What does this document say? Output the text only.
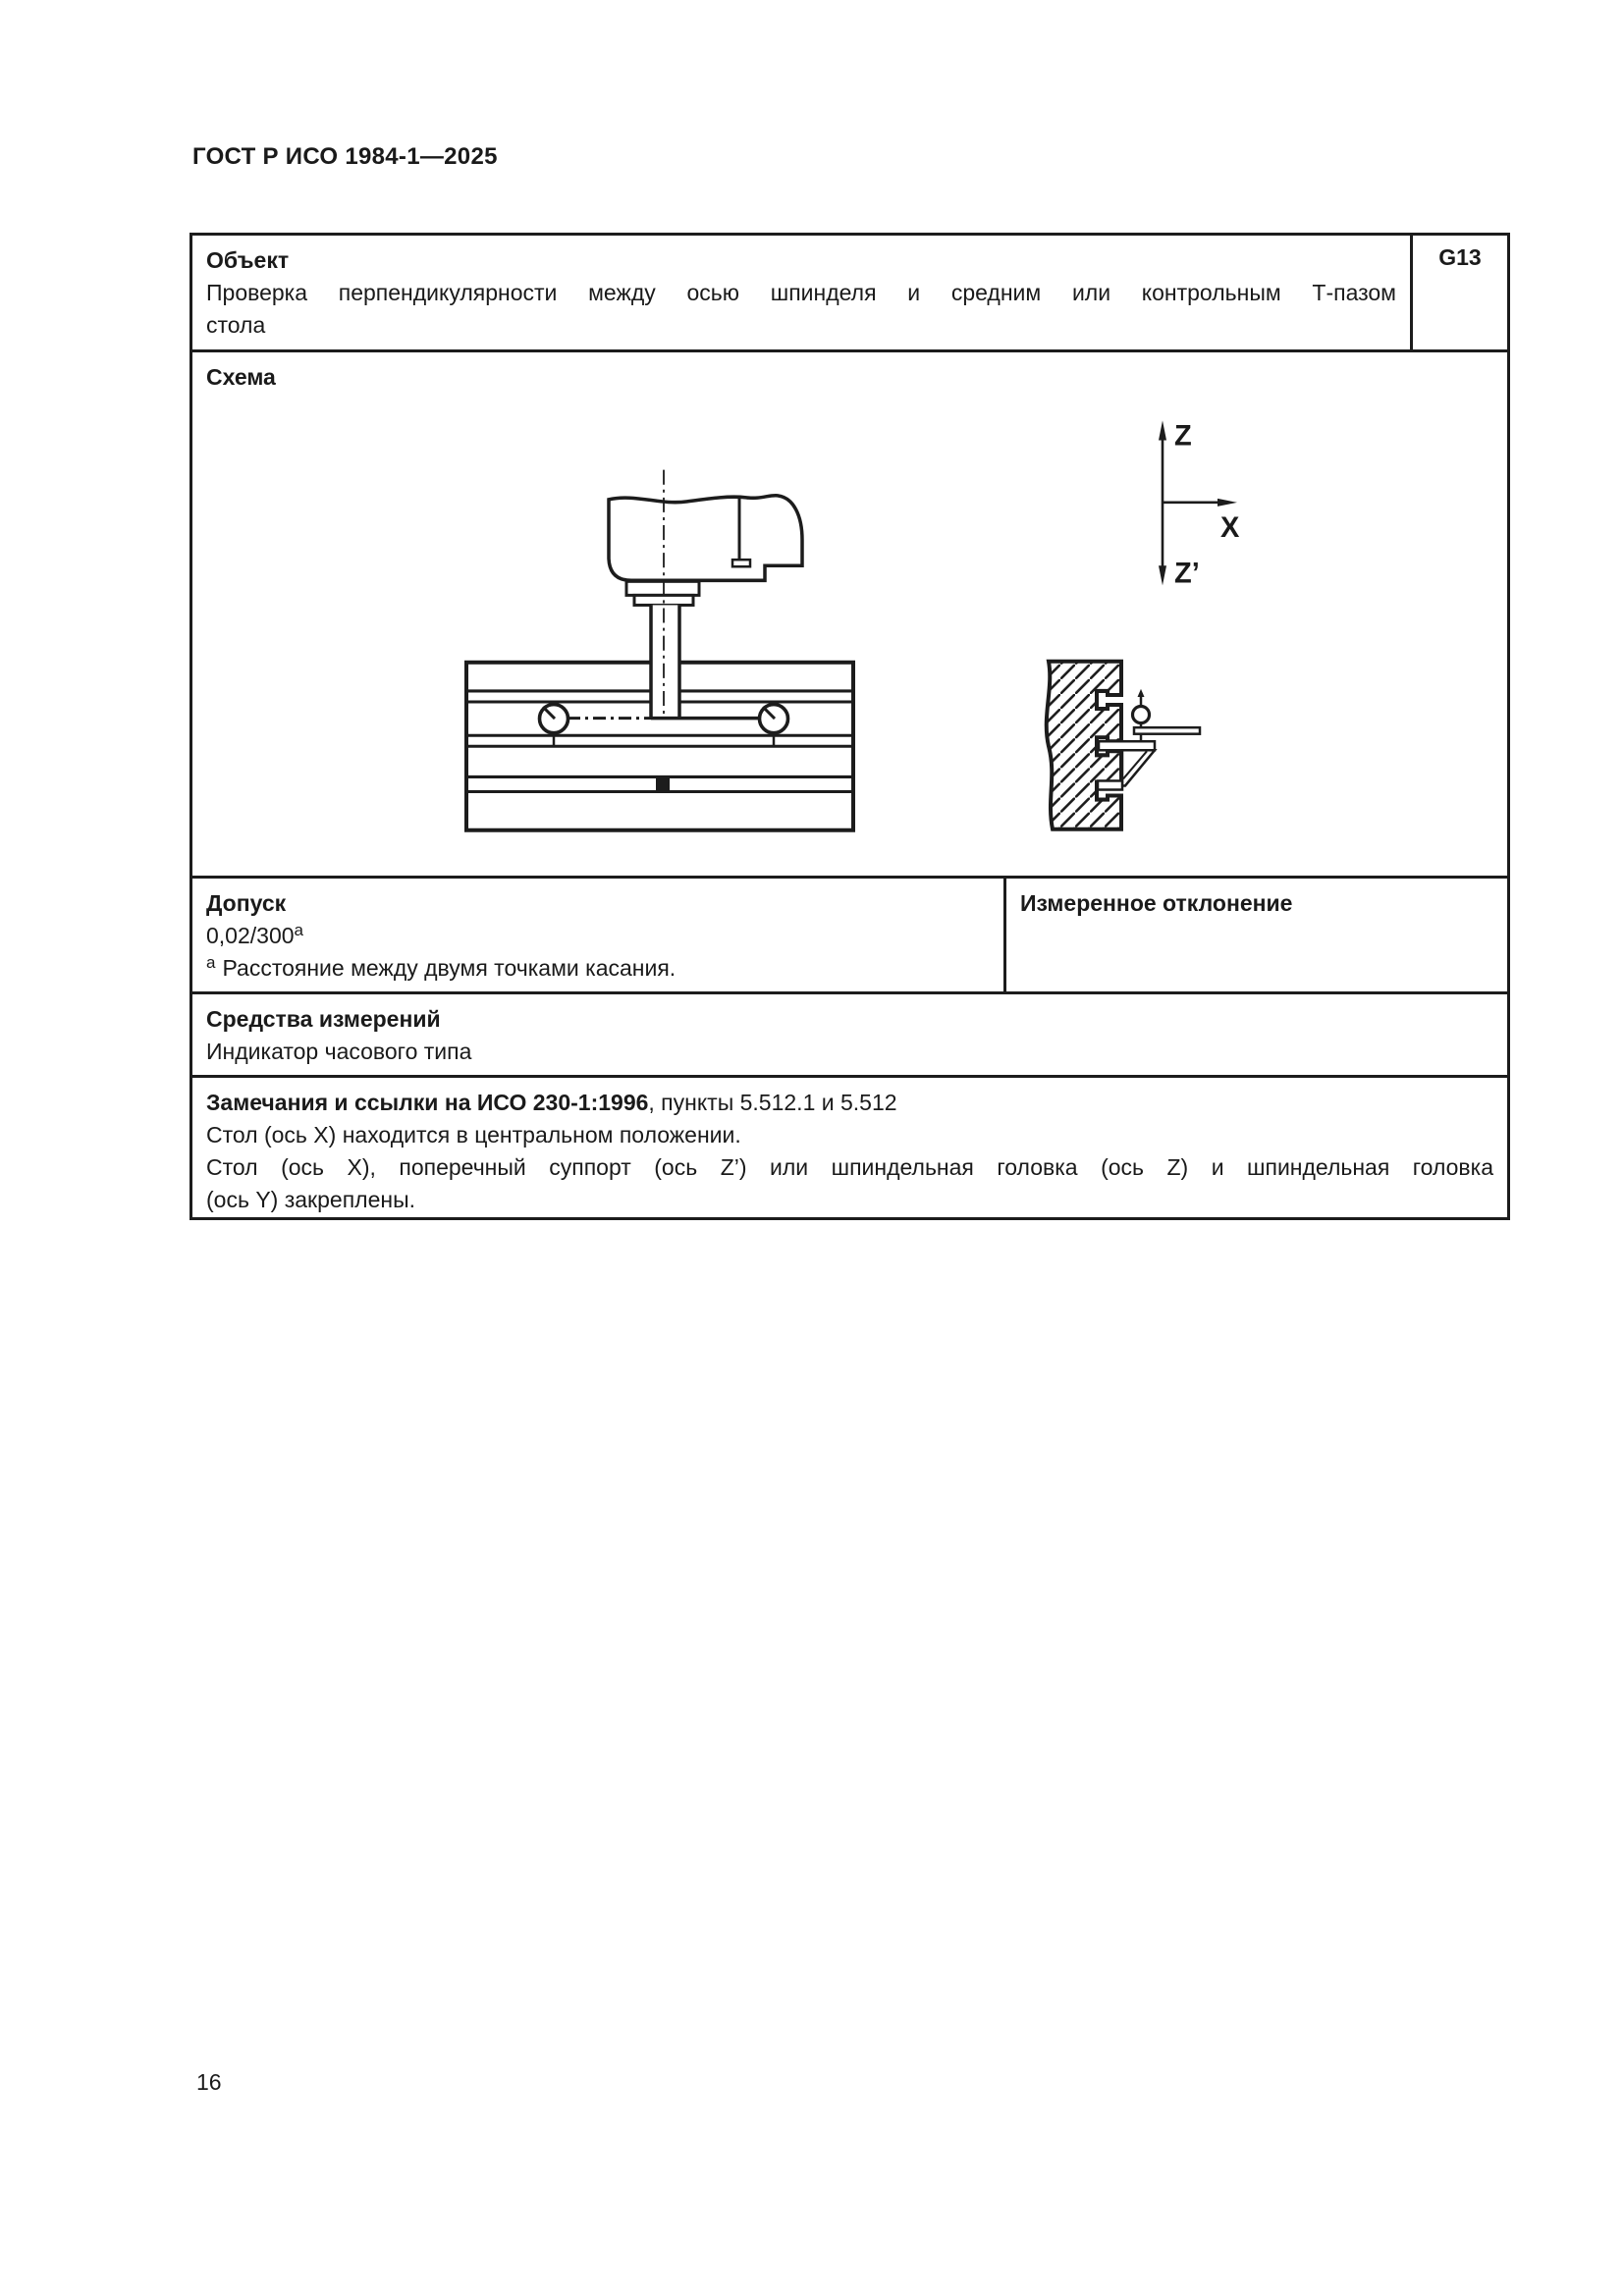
ГОСТ Р ИСО 1984-1—2025
Объект
Проверка перпендикулярности между осью шпинделя и средним или контрольным Т-пазом
стола
G13
Схема
Z
X
Z’
Допуск
0,02/300$^a$
$^a$ Расстояние между двумя точками касания.
Измеренное отклонение
Средства измерений
Индикатор часового типа
Замечания и ссылки на ИСО 230-1:1996, пункты 5.512.1 и 5.512
Стол (ось X) находится в центральном положении.
Стол (ось X), поперечный суппорт (ось Z’) или шпиндельная головка (ось Z) и шпиндельная головка
(ось Y) закреплены.
16
